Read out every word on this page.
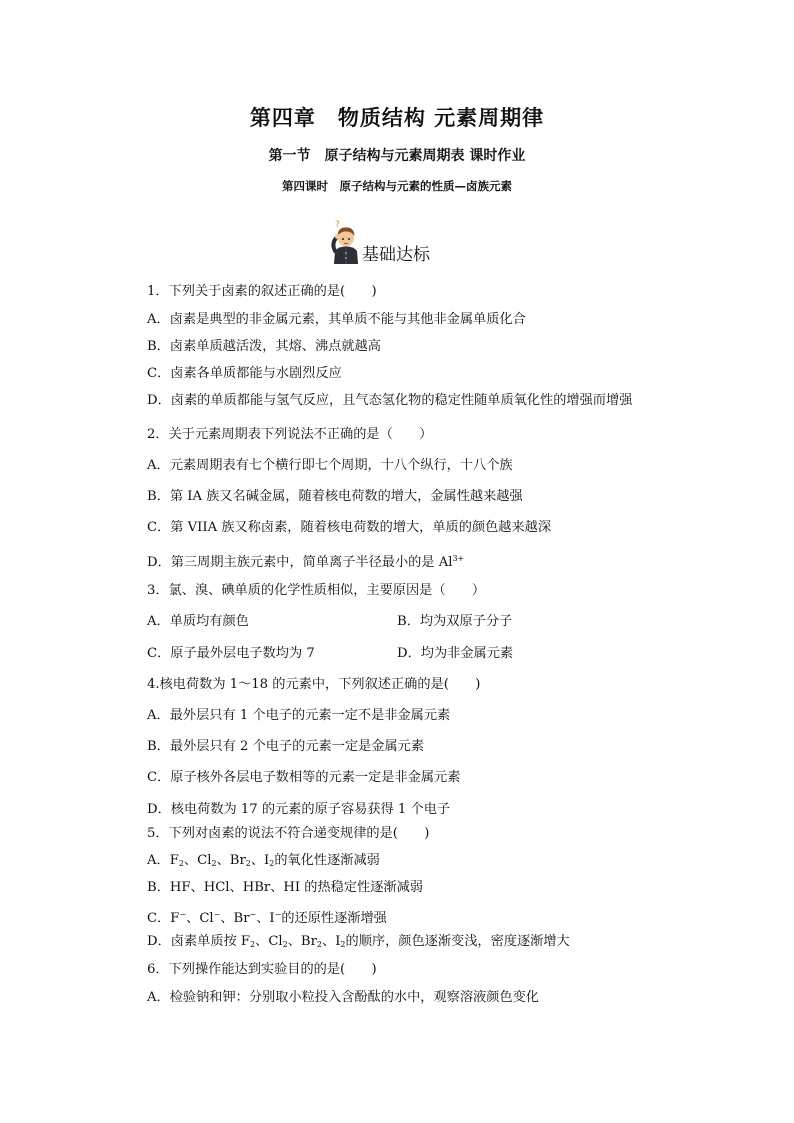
第四章　物质结构 元素周期律
第一节　原子结构与元素周期表 课时作业
第四课时　原子结构与元素的性质—卤族元素
?
基础达标
1．下列关于卤素的叙述正确的是(　　)
A．卤素是典型的非金属元素，其单质不能与其他非金属单质化合
B．卤素单质越活泼，其熔、沸点就越高
C．卤素各单质都能与水剧烈反应
D．卤素的单质都能与氢气反应，且气态氢化物的稳定性随单质氧化性的增强而增强
2．关于元素周期表下列说法不正确的是（　　）
A．元素周期表有七个横行即七个周期，十八个纵行，十八个族
B．第 IA 族又名碱金属，随着核电荷数的增大，金属性越来越强
C．第 VIIA 族又称卤素，随着核电荷数的增大，单质的颜色越来越深
D．第三周期主族元素中，简单离子半径最小的是 $Al^{3+}$
3．氯、溴、碘单质的化学性质相似，主要原因是（　　）
A．单质均有颜色	B．均为双原子分子
C．原子最外层电子数均为 7	D．均为非金属元素
4.核电荷数为 1～18 的元素中，下列叙述正确的是(　　)
A．最外层只有 1 个电子的元素一定不是非金属元素
B．最外层只有 2 个电子的元素一定是金属元素
C．原子核外各层电子数相等的元素一定是非金属元素
D．核电荷数为 17 的元素的原子容易获得 1 个电子
5．下列对卤素的说法不符合递变规律的是(　　)
A．$F_2$、$Cl_2$、$Br_2$、$I_2$的氧化性逐渐减弱
B．HF、HCl、HBr、HI 的热稳定性逐渐减弱
C．F−、Cl−、Br−、I−的还原性逐渐增强
D．卤素单质按 $F_2$、$Cl_2$、$Br_2$、$I_2$的顺序，颜色逐渐变浅，密度逐渐增大
6．下列操作能达到实验目的的是(　　)
A．检验钠和钾：分别取小粒投入含酚酞的水中，观察溶液颜色变化
